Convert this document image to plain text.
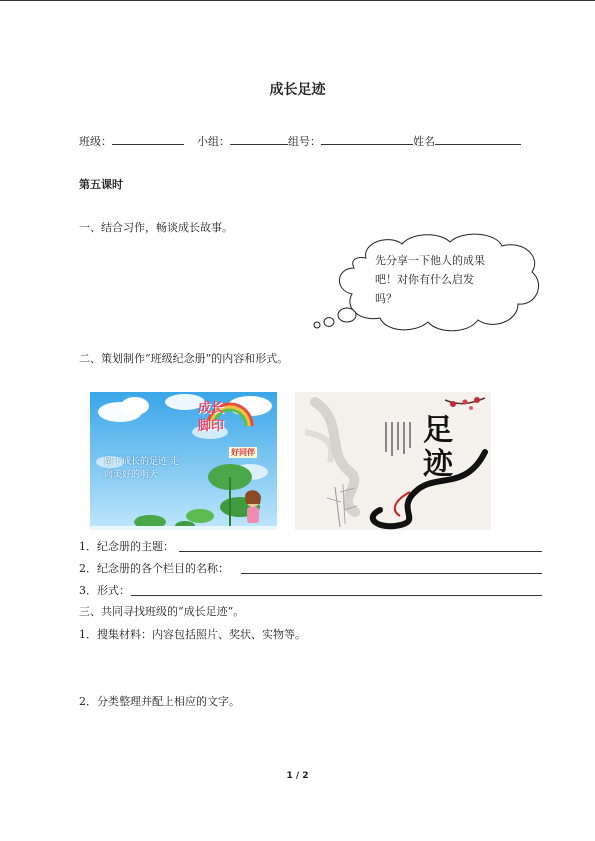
成长足迹
班级：	小组：	组号：	姓名
第五课时
一、结合习作，畅谈成长故事。
先分享一下他人的成果吧！对你有什么启发吗？
二、策划制作“班级纪念册”的内容和形式。
成长脚印
好同伴
留下成长的足迹 走向美好的明天
足迹
1．纪念册的主题：
2．纪念册的各个栏目的名称：
3．形式：
三、共同寻找班级的“成长足迹”。
1．搜集材料：内容包括照片、奖状、实物等。
2．分类整理并配上相应的文字。
1 / 2
